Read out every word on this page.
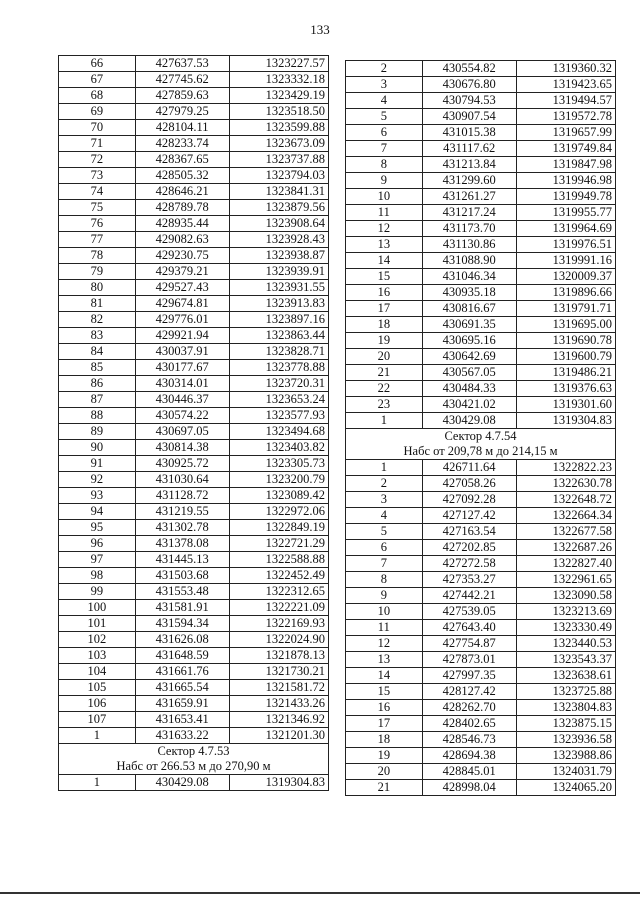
133
66	427637.53	1323227.57
67	427745.62	1323332.18
68	427859.63	1323429.19
69	427979.25	1323518.50
70	428104.11	1323599.88
71	428233.74	1323673.09
72	428367.65	1323737.88
73	428505.32	1323794.03
74	428646.21	1323841.31
75	428789.78	1323879.56
76	428935.44	1323908.64
77	429082.63	1323928.43
78	429230.75	1323938.87
79	429379.21	1323939.91
80	429527.43	1323931.55
81	429674.81	1323913.83
82	429776.01	1323897.16
83	429921.94	1323863.44
84	430037.91	1323828.71
85	430177.67	1323778.88
86	430314.01	1323720.31
87	430446.37	1323653.24
88	430574.22	1323577.93
89	430697.05	1323494.68
90	430814.38	1323403.82
91	430925.72	1323305.73
92	431030.64	1323200.79
93	431128.72	1323089.42
94	431219.55	1322972.06
95	431302.78	1322849.19
96	431378.08	1322721.29
97	431445.13	1322588.88
98	431503.68	1322452.49
99	431553.48	1322312.65
100	431581.91	1322221.09
101	431594.34	1322169.93
102	431626.08	1322024.90
103	431648.59	1321878.13
104	431661.76	1321730.21
105	431665.54	1321581.72
106	431659.91	1321433.26
107	431653.41	1321346.92
1	431633.22	1321201.30
Сектор 4.7.53		
Набс от 266.53 м до 270,90 м		
1	430429.08	1319304.83
2	430554.82	1319360.32
3	430676.80	1319423.65
4	430794.53	1319494.57
5	430907.54	1319572.78
6	431015.38	1319657.99
7	431117.62	1319749.84
8	431213.84	1319847.98
9	431299.60	1319946.98
10	431261.27	1319949.78
11	431217.24	1319955.77
12	431173.70	1319964.69
13	431130.86	1319976.51
14	431088.90	1319991.16
15	431046.34	1320009.37
16	430935.18	1319896.66
17	430816.67	1319791.71
18	430691.35	1319695.00
19	430695.16	1319690.78
20	430642.69	1319600.79
21	430567.05	1319486.21
22	430484.33	1319376.63
23	430421.02	1319301.60
1	430429.08	1319304.83
Сектор 4.7.54		
Набс от 209,78 м до 214,15 м		
1	426711.64	1322822.23
2	427058.26	1322630.78
3	427092.28	1322648.72
4	427127.42	1322664.34
5	427163.54	1322677.58
6	427202.85	1322687.26
7	427272.58	1322827.40
8	427353.27	1322961.65
9	427442.21	1323090.58
10	427539.05	1323213.69
11	427643.40	1323330.49
12	427754.87	1323440.53
13	427873.01	1323543.37
14	427997.35	1323638.61
15	428127.42	1323725.88
16	428262.70	1323804.83
17	428402.65	1323875.15
18	428546.73	1323936.58
19	428694.38	1323988.86
20	428845.01	1324031.79
21	428998.04	1324065.20
